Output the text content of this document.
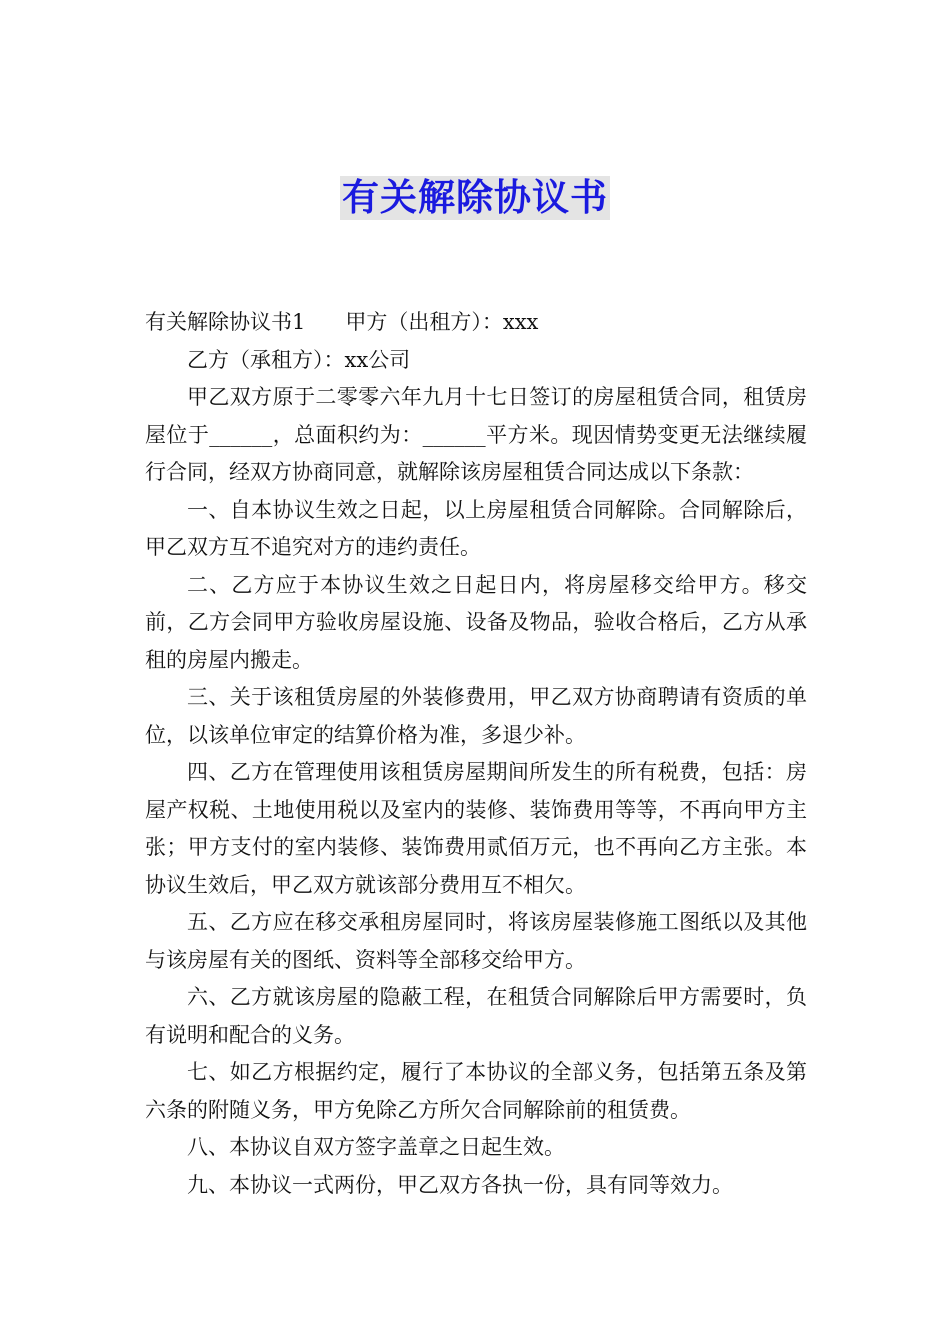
有关解除协议书

有关解除协议书1 甲方（出租方）：xxx

乙方（承租方）：xx公司

甲乙双方原于二零零六年九月十七日签订的房屋租赁合同，租赁房屋位于______，总面积约为：______平方米。现因情势变更无法继续履行合同，经双方协商同意，就解除该房屋租赁合同达成以下条款：

一、自本协议生效之日起，以上房屋租赁合同解除。合同解除后，甲乙双方互不追究对方的违约责任。

二、乙方应于本协议生效之日起日内，将房屋移交给甲方。移交前，乙方会同甲方验收房屋设施、设备及物品，验收合格后，乙方从承租的房屋内搬走。

三、关于该租赁房屋的外装修费用，甲乙双方协商聘请有资质的单位，以该单位审定的结算价格为准，多退少补。

四、乙方在管理使用该租赁房屋期间所发生的所有税费，包括：房屋产权税、土地使用税以及室内的装修、装饰费用等等，不再向甲方主张；甲方支付的室内装修、装饰费用贰佰万元，也不再向乙方主张。本协议生效后，甲乙双方就该部分费用互不相欠。

五、乙方应在移交承租房屋同时，将该房屋装修施工图纸以及其他与该房屋有关的图纸、资料等全部移交给甲方。

六、乙方就该房屋的隐蔽工程，在租赁合同解除后甲方需要时，负有说明和配合的义务。

七、如乙方根据约定，履行了本协议的全部义务，包括第五条及第六条的附随义务，甲方免除乙方所欠合同解除前的租赁费。

八、本协议自双方签字盖章之日起生效。

九、本协议一式两份，甲乙双方各执一份，具有同等效力。
